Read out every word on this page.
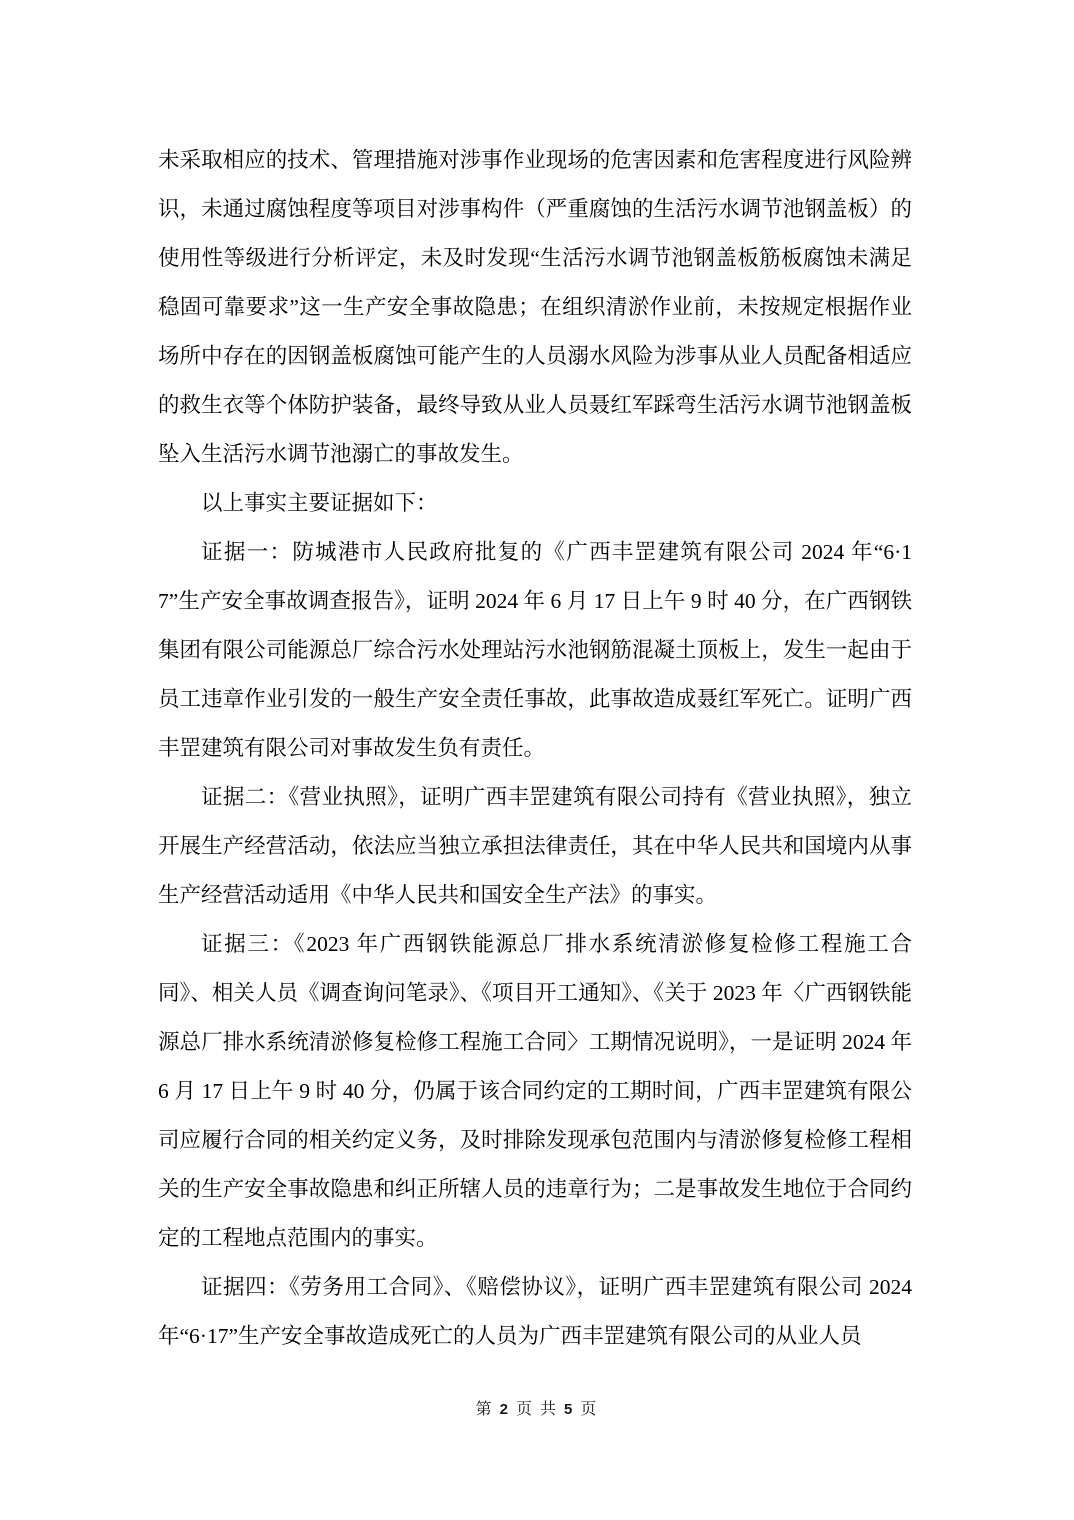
未采取相应的技术、管理措施对涉事作业现场的危害因素和危害程度进行风险辨识，未通过腐蚀程度等项目对涉事构件（严重腐蚀的生活污水调节池钢盖板）的使用性等级进行分析评定，未及时发现“生活污水调节池钢盖板筋板腐蚀未满足稳固可靠要求”这一生产安全事故隐患；在组织清淤作业前，未按规定根据作业场所中存在的因钢盖板腐蚀可能产生的人员溺水风险为涉事从业人员配备相适应的救生衣等个体防护装备，最终导致从业人员聂红军踩弯生活污水调节池钢盖板坠入生活污水调节池溺亡的事故发生。

以上事实主要证据如下：

证据一：防城港市人民政府批复的《广西丰罡建筑有限公司 2024 年“6·17”生产安全事故调查报告》，证明 2024 年 6 月 17 日上午 9 时 40 分，在广西钢铁集团有限公司能源总厂综合污水处理站污水池钢筋混凝土顶板上，发生一起由于员工违章作业引发的一般生产安全责任事故，此事故造成聂红军死亡。证明广西丰罡建筑有限公司对事故发生负有责任。

证据二：《营业执照》，证明广西丰罡建筑有限公司持有《营业执照》，独立开展生产经营活动，依法应当独立承担法律责任，其在中华人民共和国境内从事生产经营活动适用《中华人民共和国安全生产法》的事实。

证据三：《2023 年广西钢铁能源总厂排水系统清淤修复检修工程施工合同》、相关人员《调查询问笔录》、《项目开工通知》、《关于 2023 年〈广西钢铁能源总厂排水系统清淤修复检修工程施工合同〉工期情况说明》，一是证明 2024 年 6 月 17 日上午 9 时 40 分，仍属于该合同约定的工期时间，广西丰罡建筑有限公司应履行合同的相关约定义务，及时排除发现承包范围内与清淤修复检修工程相关的生产安全事故隐患和纠正所辖人员的违章行为；二是事故发生地位于合同约定的工程地点范围内的事实。

证据四：《劳务用工合同》、《赔偿协议》，证明广西丰罡建筑有限公司 2024 年“6·17”生产安全事故造成死亡的人员为广西丰罡建筑有限公司的从业人员

第 2 页 共 5 页
